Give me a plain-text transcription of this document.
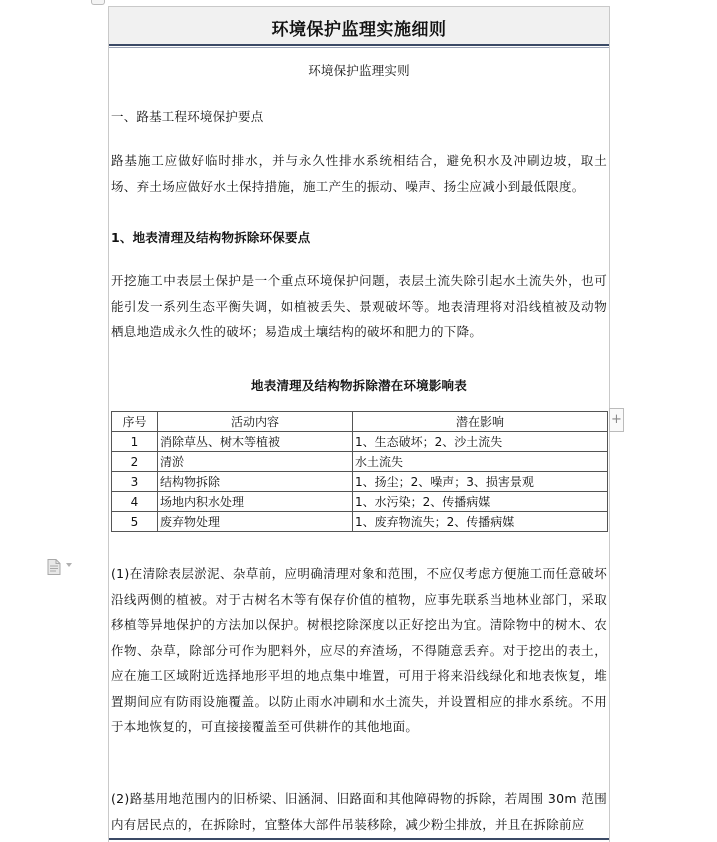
环境保护监理实施细则
环境保护监理实则
一、路基工程环境保护要点
路基施工应做好临时排水，并与永久性排水系统相结合，避免积水及冲刷边坡，取土场、弃土场应做好水土保持措施，施工产生的振动、噪声、扬尘应减小到最低限度。
1、地表清理及结构物拆除环保要点
开挖施工中表层土保护是一个重点环境保护问题，表层土流失除引起水土流失外，也可能引发一系列生态平衡失调，如植被丢失、景观破坏等。地表清理将对沿线植被及动物栖息地造成永久性的破坏；易造成土壤结构的破坏和肥力的下降。
地表清理及结构物拆除潜在环境影响表
序号	活动内容	潜在影响
1	消除草丛、树木等植被	1、生态破坏；2、沙土流失
2	清淤	水土流失
3	结构物拆除	1、扬尘；2、噪声；3、损害景观
4	场地内积水处理	1、水污染；2、传播病媒
5	废弃物处理	1、废弃物流失；2、传播病媒
(1)在清除表层淤泥、杂草前，应明确清理对象和范围，不应仅考虑方便施工而任意破坏沿线两侧的植被。对于古树名木等有保存价值的植物，应事先联系当地林业部门，采取移植等异地保护的方法加以保护。树根挖除深度以正好挖出为宜。清除物中的树木、农作物、杂草，除部分可作为肥料外，应尽的弃渣场，不得随意丢弃。对于挖出的表土，应在施工区域附近选择地形平坦的地点集中堆置，可用于将来沿线绿化和地表恢复，堆置期间应有防雨设施覆盖。以防止雨水冲刷和水土流失，并设置相应的排水系统。不用于本地恢复的，可直接接覆盖至可供耕作的其他地面。
(2)路基用地范围内的旧桥梁、旧涵洞、旧路面和其他障碍物的拆除，若周围 30m 范围内有居民点的，在拆除时，宜整体大部件吊装移除，减少粉尘排放，并且在拆除前应
+
